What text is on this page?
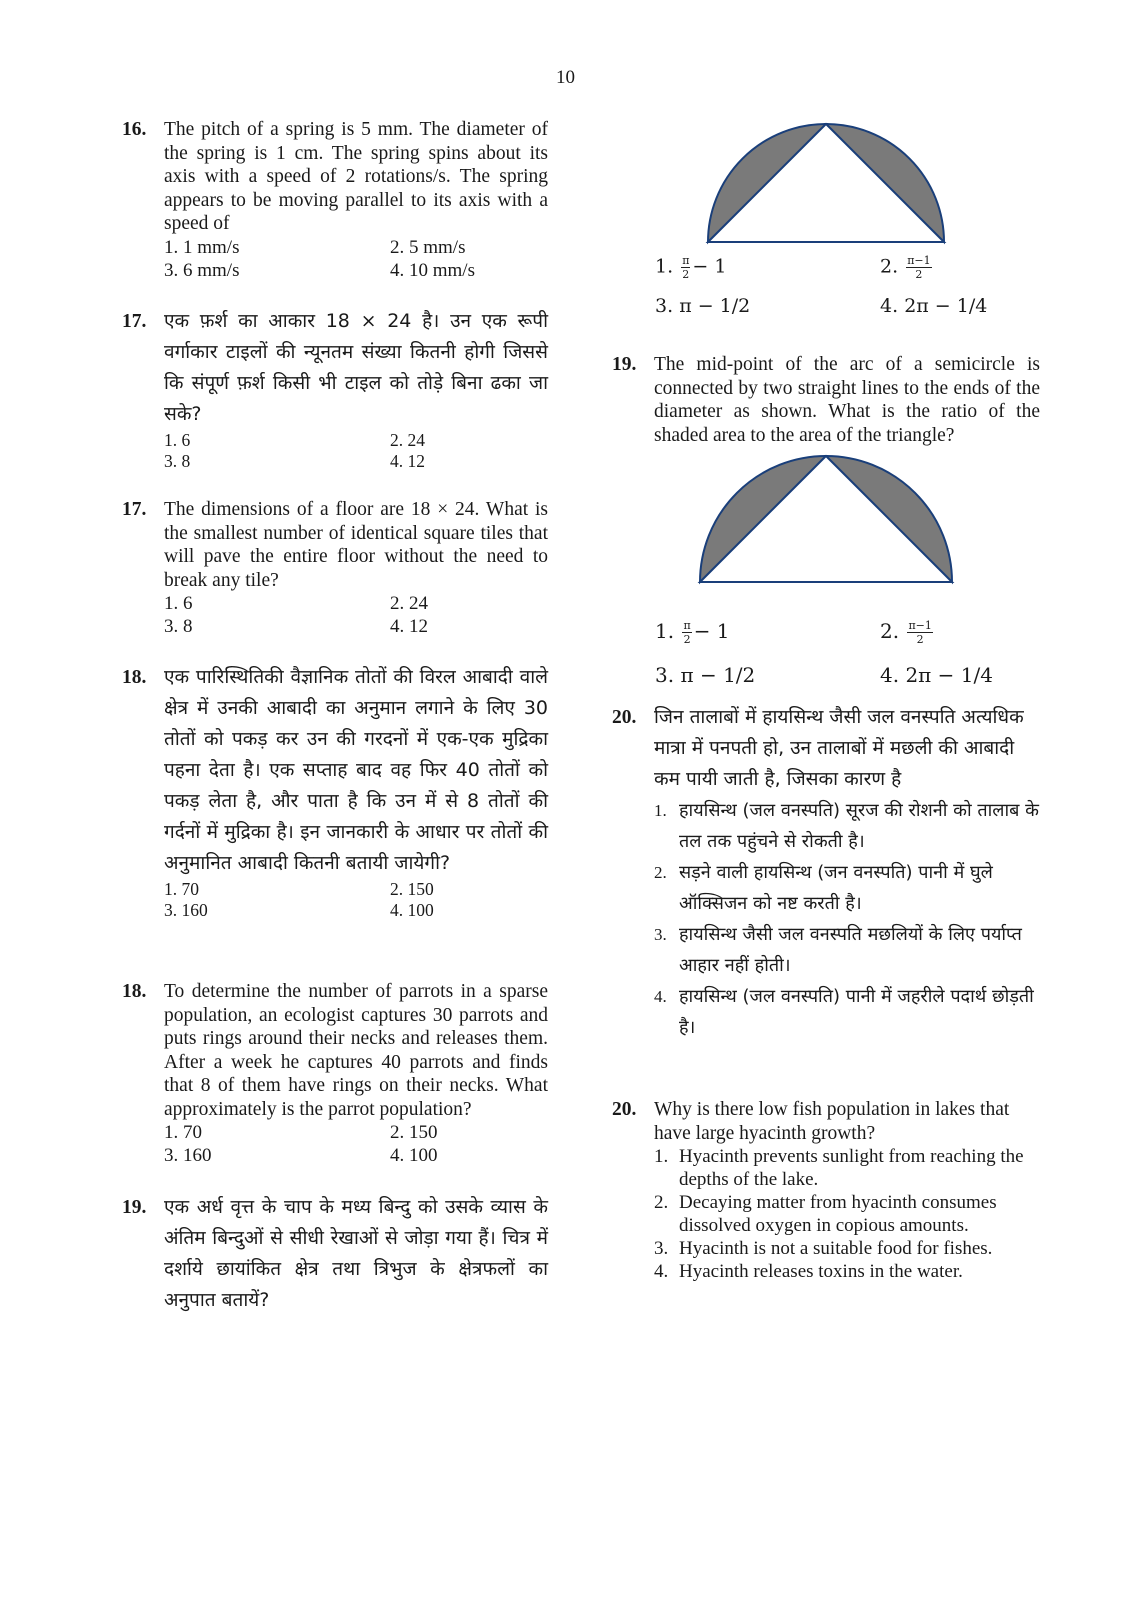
10
16. The pitch of a spring is 5 mm. The diameter of the spring is 1 cm. The spring spins about its axis with a speed of 2 rotations/s. The spring appears to be moving parallel to its axis with a speed of
1. 1 mm/s	2. 5 mm/s
3. 6 mm/s	4. 10 mm/s
17. एक फ़र्श का आकार 18 × 24 है। उन एक रूपी वर्गाकार टाइलों की न्यूनतम संख्या कितनी होगी जिससे कि संपूर्ण फ़र्श किसी भी टाइल को तोड़े बिना ढका जा सके?
1. 6	2. 24
3. 8	4. 12
17. The dimensions of a floor are 18 × 24. What is the smallest number of identical square tiles that will pave the entire floor without the need to break any tile?
1. 6	2. 24
3. 8	4. 12
18. एक पारिस्थितिकी वैज्ञानिक तोतों की विरल आबादी वाले क्षेत्र में उनकी आबादी का अनुमान लगाने के लिए 30 तोतों को पकड़ कर उन की गरदनों में एक-एक मुद्रिका पहना देता है। एक सप्ताह बाद वह फिर 40 तोतों को पकड़ लेता है, और पाता है कि उन में से 8 तोतों की गर्दनों में मुद्रिका है। इन जानकारी के आधार पर तोतों की अनुमानित आबादी कितनी बतायी जायेगी?
1. 70	2. 150
3. 160	4. 100
18. To determine the number of parrots in a sparse population, an ecologist captures 30 parrots and puts rings around their necks and releases them. After a week he captures 40 parrots and finds that 8 of them have rings on their necks. What approximately is the parrot population?
1. 70	2. 150
3. 160	4. 100
19. एक अर्ध वृत्त के चाप के मध्य बिन्दु को उसके व्यास के अंतिम बिन्दुओं से सीधी रेखाओं से जोड़ा गया हैं। चित्र में दर्शाये छायांकित क्षेत्र तथा त्रिभुज के क्षेत्रफलों का अनुपात बतायें?
1. $\frac{\pi}{2} - 1$	2. $\frac{\pi-1}{2}$
3. π − 1/2	4. 2π − 1/4
19. The mid-point of the arc of a semicircle is connected by two straight lines to the ends of the diameter as shown. What is the ratio of the shaded area to the area of the triangle?
1. $\frac{\pi}{2} - 1$	2. $\frac{\pi-1}{2}$
3. π − 1/2	4. 2π − 1/4
20. जिन तालाबों में हायसिन्थ जैसी जल वनस्पति अत्यधिक मात्रा में पनपती हो, उन तालाबों में मछली की आबादी कम पायी जाती है, जिसका कारण है
1. हायसिन्थ (जल वनस्पति) सूरज की रोशनी को तालाब के तल तक पहुंचने से रोकती है।
2. सड़ने वाली हायसिन्थ (जन वनस्पति) पानी में घुले ऑक्सिजन को नष्ट करती है।
3. हायसिन्थ जैसी जल वनस्पति मछलियों के लिए पर्याप्त आहार नहीं होती।
4. हायसिन्थ (जल वनस्पति) पानी में जहरीले पदार्थ छोड़ती है।
20. Why is there low fish population in lakes that have large hyacinth growth?
1. Hyacinth prevents sunlight from reaching the depths of the lake.
2. Decaying matter from hyacinth consumes dissolved oxygen in copious amounts.
3. Hyacinth is not a suitable food for fishes.
4. Hyacinth releases toxins in the water.
